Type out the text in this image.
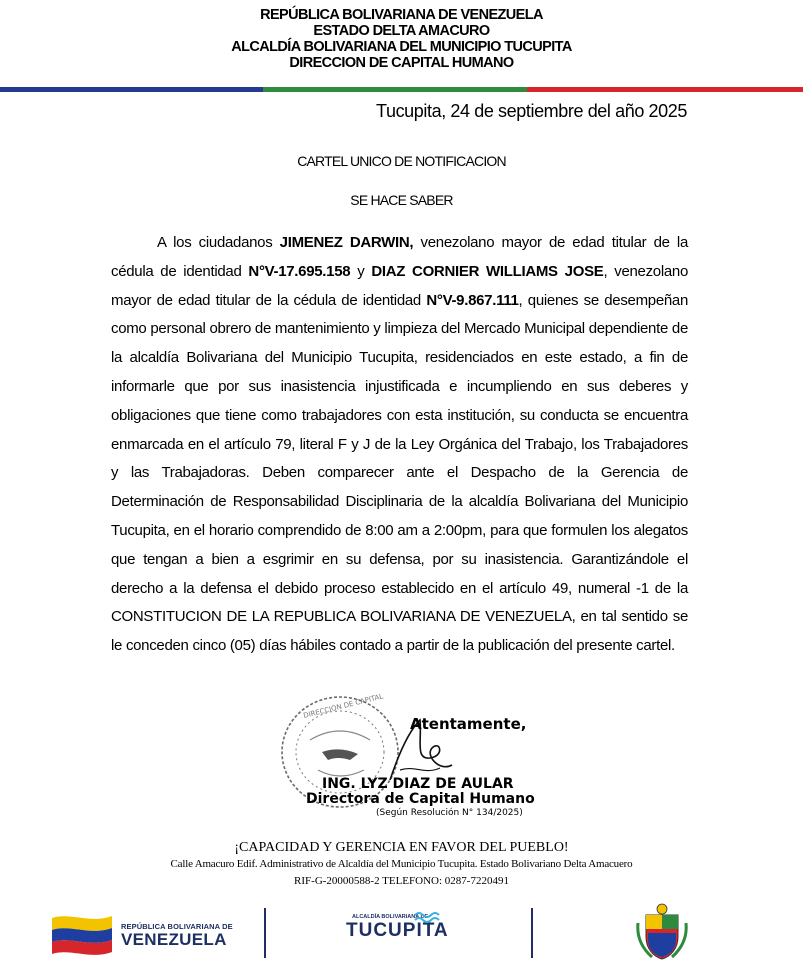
REPÚBLICA BOLIVARIANA DE VENEZUELA
ESTADO DELTA AMACURO
ALCALDÍA BOLIVARIANA DEL MUNICIPIO TUCUPITA
DIRECCION DE CAPITAL HUMANO
Tucupita, 24 de septiembre del año 2025
CARTEL UNICO DE NOTIFICACION
SE HACE SABER

A los ciudadanos JIMENEZ DARWIN, venezolano mayor de edad titular de la cédula de identidad N°V-17.695.158 y DIAZ CORNIER WILLIAMS JOSE, venezolano mayor de edad titular de la cédula de identidad N°V-9.867.111, quienes se desempeñan como personal obrero de mantenimiento y limpieza del Mercado Municipal dependiente de la alcaldía Bolivariana del Municipio Tucupita, residenciados en este estado, a fin de informarle que por sus inasistencia injustificada e incumpliendo en sus deberes y obligaciones que tiene como trabajadores con esta institución, su conducta se encuentra enmarcada en el artículo 79, literal F y J de la Ley Orgánica del Trabajo, los Trabajadores y las Trabajadoras. Deben comparecer ante el Despacho de la Gerencia de Determinación de Responsabilidad Disciplinaria de la alcaldía Bolivariana del Municipio Tucupita, en el horario comprendido de 8:00 am a 2:00pm, para que formulen los alegatos que tengan a bien a esgrimir en su defensa, por su inasistencia. Garantizándole el derecho a la defensa el debido proceso establecido en el artículo 49, numeral -1 de la CONSTITUCION DE LA REPUBLICA BOLIVARIANA DE VENEZUELA, en tal sentido se le conceden cinco (05) días hábiles contado a partir de la publicación del presente cartel.

DIRECCION DE CAPITAL
Atentamente,
ING. LYZ DIAZ DE AULAR
Directora de Capital Humano
(Según Resolución N° 134/2025)
¡CAPACIDAD Y GERENCIA EN FAVOR DEL PUEBLO!
Calle Amacuro Edif. Administrativo de Alcaldía del Municipio Tucupita. Estado Bolivariano Delta Amacuero
RIF-G-20000588-2 TELEFONO: 0287-7220491
REPÚBLICA BOLIVARIANA DE
VENEZUELA
ALCALDÍA BOLIVARIANA DE
TUCUPITA
